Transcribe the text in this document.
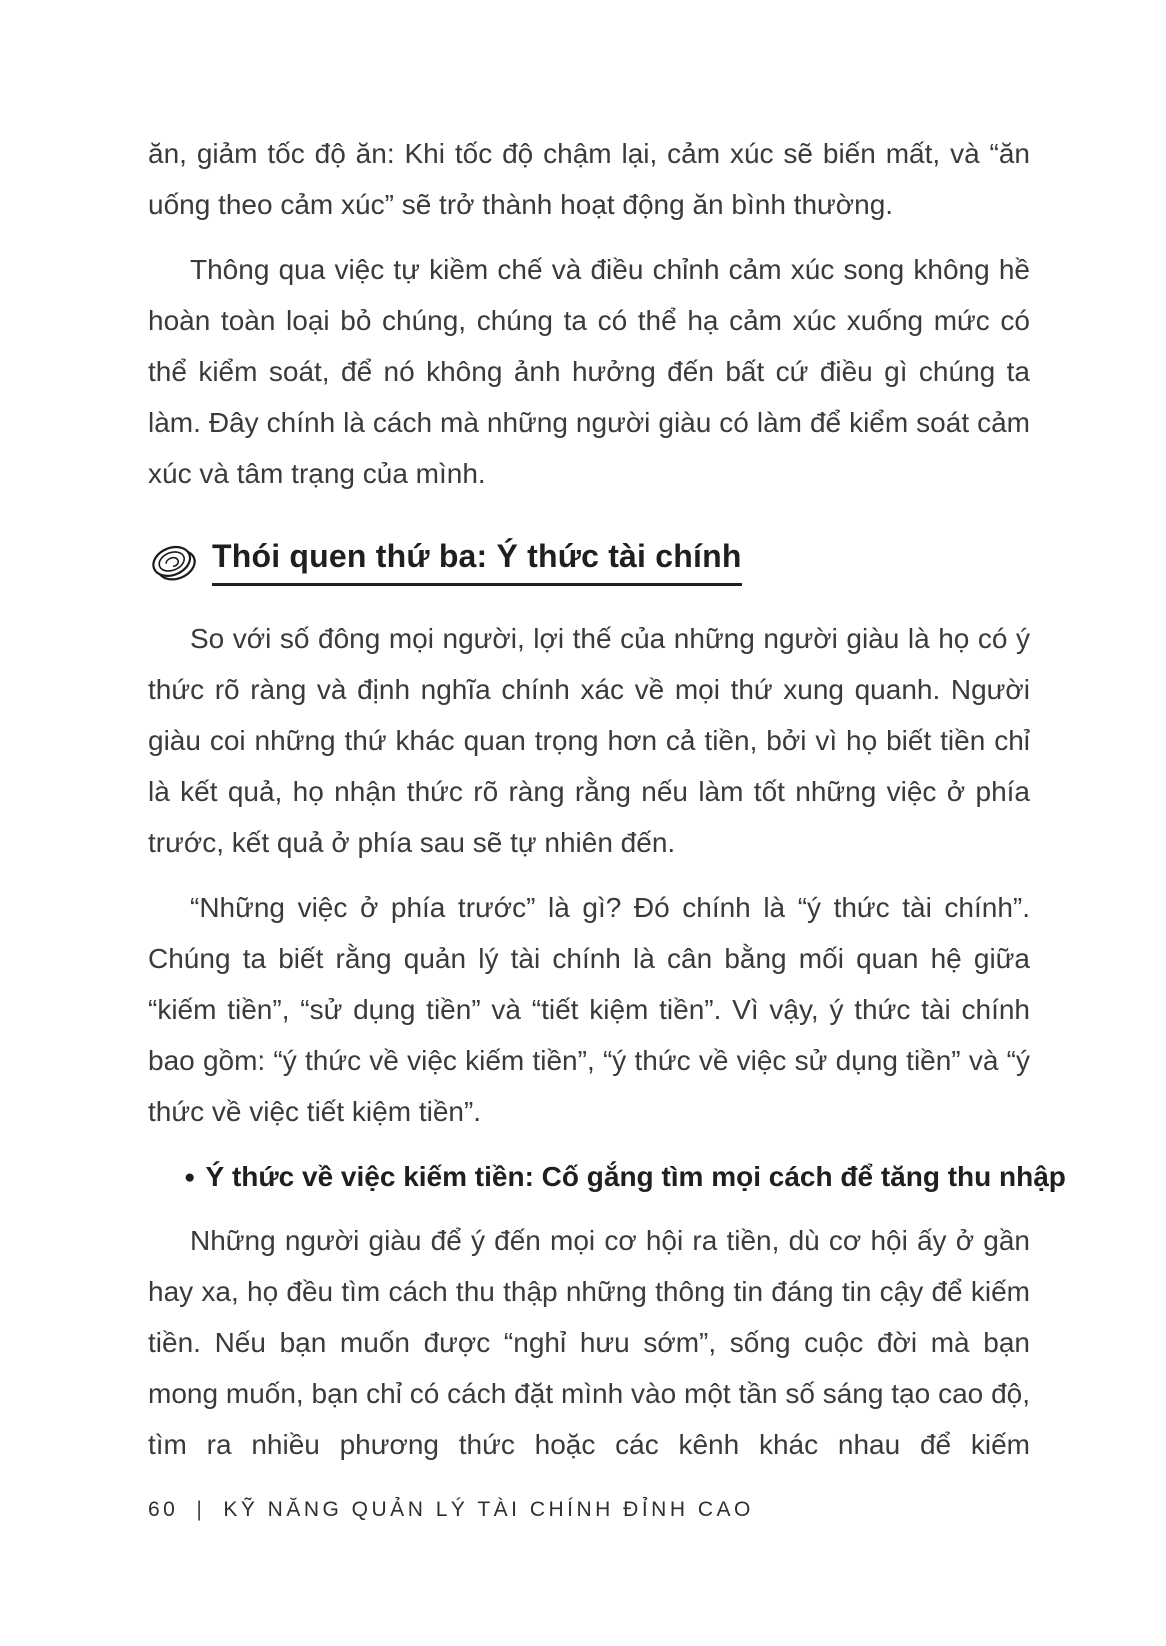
ăn, giảm tốc độ ăn: Khi tốc độ chậm lại, cảm xúc sẽ biến mất, và “ăn uống theo cảm xúc” sẽ trở thành hoạt động ăn bình thường.

Thông qua việc tự kiềm chế và điều chỉnh cảm xúc song không hề hoàn toàn loại bỏ chúng, chúng ta có thể hạ cảm xúc xuống mức có thể kiểm soát, để nó không ảnh hưởng đến bất cứ điều gì chúng ta làm. Đây chính là cách mà những người giàu có làm để kiểm soát cảm xúc và tâm trạng của mình.

Thói quen thứ ba: Ý thức tài chính

So với số đông mọi người, lợi thế của những người giàu là họ có ý thức rõ ràng và định nghĩa chính xác về mọi thứ xung quanh. Người giàu coi những thứ khác quan trọng hơn cả tiền, bởi vì họ biết tiền chỉ là kết quả, họ nhận thức rõ ràng rằng nếu làm tốt những việc ở phía trước, kết quả ở phía sau sẽ tự nhiên đến.

“Những việc ở phía trước” là gì? Đó chính là “ý thức tài chính”. Chúng ta biết rằng quản lý tài chính là cân bằng mối quan hệ giữa “kiếm tiền”, “sử dụng tiền” và “tiết kiệm tiền”. Vì vậy, ý thức tài chính bao gồm: “ý thức về việc kiếm tiền”, “ý thức về việc sử dụng tiền” và “ý thức về việc tiết kiệm tiền”.

● Ý thức về việc kiếm tiền: Cố gắng tìm mọi cách để tăng thu nhập

Những người giàu để ý đến mọi cơ hội ra tiền, dù cơ hội ấy ở gần hay xa, họ đều tìm cách thu thập những thông tin đáng tin cậy để kiếm tiền. Nếu bạn muốn được “nghỉ hưu sớm”, sống cuộc đời mà bạn mong muốn, bạn chỉ có cách đặt mình vào một tần số sáng tạo cao độ, tìm ra nhiều phương thức hoặc các kênh khác nhau để kiếm

60 | KỸ NĂNG QUẢN LÝ TÀI CHÍNH ĐỈNH CAO
